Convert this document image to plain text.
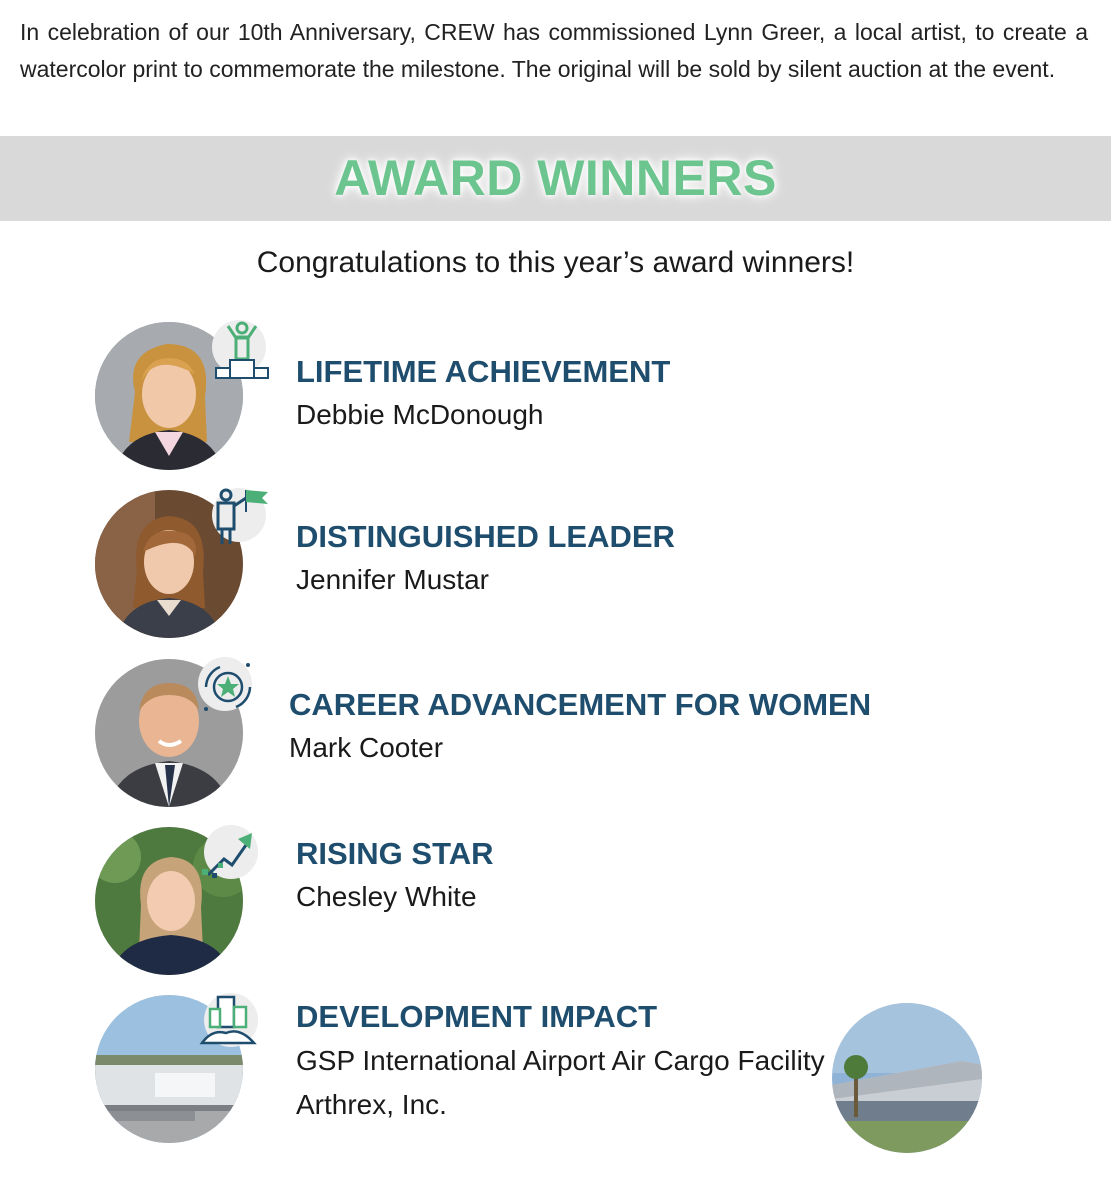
In celebration of our 10th Anniversary, CREW has commissioned Lynn Greer, a local artist, to create a watercolor print to commemorate the milestone. The original will be sold by silent auction at the event.
AWARD WINNERS
Congratulations to this year’s award winners!
LIFETIME ACHIEVEMENT
Debbie McDonough
DISTINGUISHED LEADER
Jennifer Mustar
CAREER ADVANCEMENT FOR WOMEN
Mark Cooter
RISING STAR
Chesley White
DEVELOPMENT IMPACT
GSP International Airport Air Cargo Facility
Arthrex, Inc.
